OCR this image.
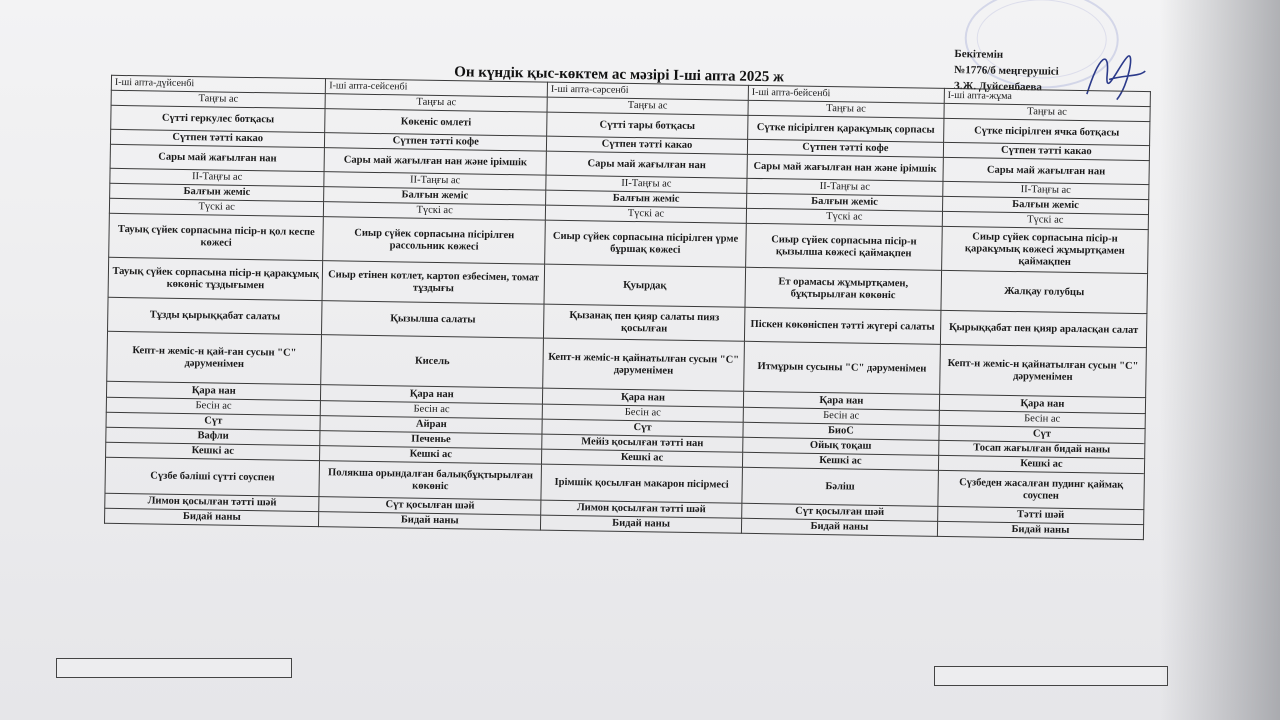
Бекітемін
№1776/б меңгерушісі
З.Ж. Дуйсенбаева
Он күндік қыс-көктем ас мәзірі I-ші апта 2025 ж
I-ші апта-дүйсенбі	I-ші апта-сейсенбі	I-ші апта-сәрсенбі	I-ші апта-бейсенбі	I-ші апта-жұма
Таңғы ас	Таңғы ас	Таңғы ас	Таңғы ас	Таңғы ас
Сүтті геркулес ботқасы	Көкеніс омлеті	Сүтті тары ботқасы	Сүтке пісірілген қаракұмық сорпасы	Сүтке пісірілген ячка ботқасы
Сүтпен тәтті какао	Сүтпен тәтті кофе	Сүтпен тәтті какао	Сүтпен тәтті кофе	Сүтпен тәтті какао
Сары май жағылған нан	Сары май жағылған нан және ірімшік	Сары май жағылған нан	Сары май жағылған нан және ірімшік	Сары май жағылған нан
II-Таңғы ас	II-Таңғы ас	II-Таңғы ас	II-Таңғы ас	II-Таңғы ас
Балғын жеміс	Балғын жеміс	Балғын жеміс	Балғын жеміс	Балғын жеміс
Түскі ас	Түскі ас	Түскі ас	Түскі ас	Түскі ас
Тауық сүйек сорпасына пісір-н қол кеспе көжесі	Сиыр сүйек сорпасына пісірілген рассольник көжесі	Сиыр сүйек сорпасына пісірілген үрме бұршақ көжесі	Сиыр сүйек сорпасына пісір-н қызылша көжесі қаймақпен	Сиыр сүйек сорпасына пісір-н қаракұмық көжесі жұмыртқамен қаймақпен
Тауық сүйек сорпасына пісір-н қаракұмық көкөніс тұздығымен	Сиыр етінен котлет, картоп езбесімен, томат тұздығы	Қуырдақ	Ет орамасы жұмыртқамен, бұқтырылған көкөніс	Жалқау голубцы
Тұзды қырыққабат салаты	Қызылша салаты	Қызанақ пен қияр салаты пияз қосылған	Піскен көкөніспен тәтті жүгері салаты	Қырыққабат пен қияр араласқан салат
Кепт-н жеміс-н қай-ған сусын "С" дәруменімен	Кисель	Кепт-н жеміс-н қайнатылған сусын "С" дәруменімен	Итмұрын сусыны "С" дәруменімен	Кепт-н жеміс-н қайнатылған сусын "С" дәруменімен
Қара нан	Қара нан	Қара нан	Қара нан	Қара нан
Бесін ас	Бесін ас	Бесін ас	Бесін ас	Бесін ас
Сүт	Айран	Сүт	БиоС	Сүт
Вафли	Печенье	Мейіз қосылған тәтті нан	Ойық тоқаш	Тосап жағылған бидай наны
Кешкі ас	Кешкі ас	Кешкі ас	Кешкі ас	Кешкі ас
Сүзбе бәліші сүтті соуспен	Полякша орындалған балықбұқтырылған көкөніс	Ірімшік қосылған макарон пісірмесі	Бәліш	Сүзбеден жасалған пудинг қаймақ соуспен
Лимон қосылған тәтті шәй	Сүт қосылған шәй	Лимон қосылған тәтті шәй	Сүт қосылған шәй	Тәтті шәй
Бидай наны	Бидай наны	Бидай наны	Бидай наны	Бидай наны
